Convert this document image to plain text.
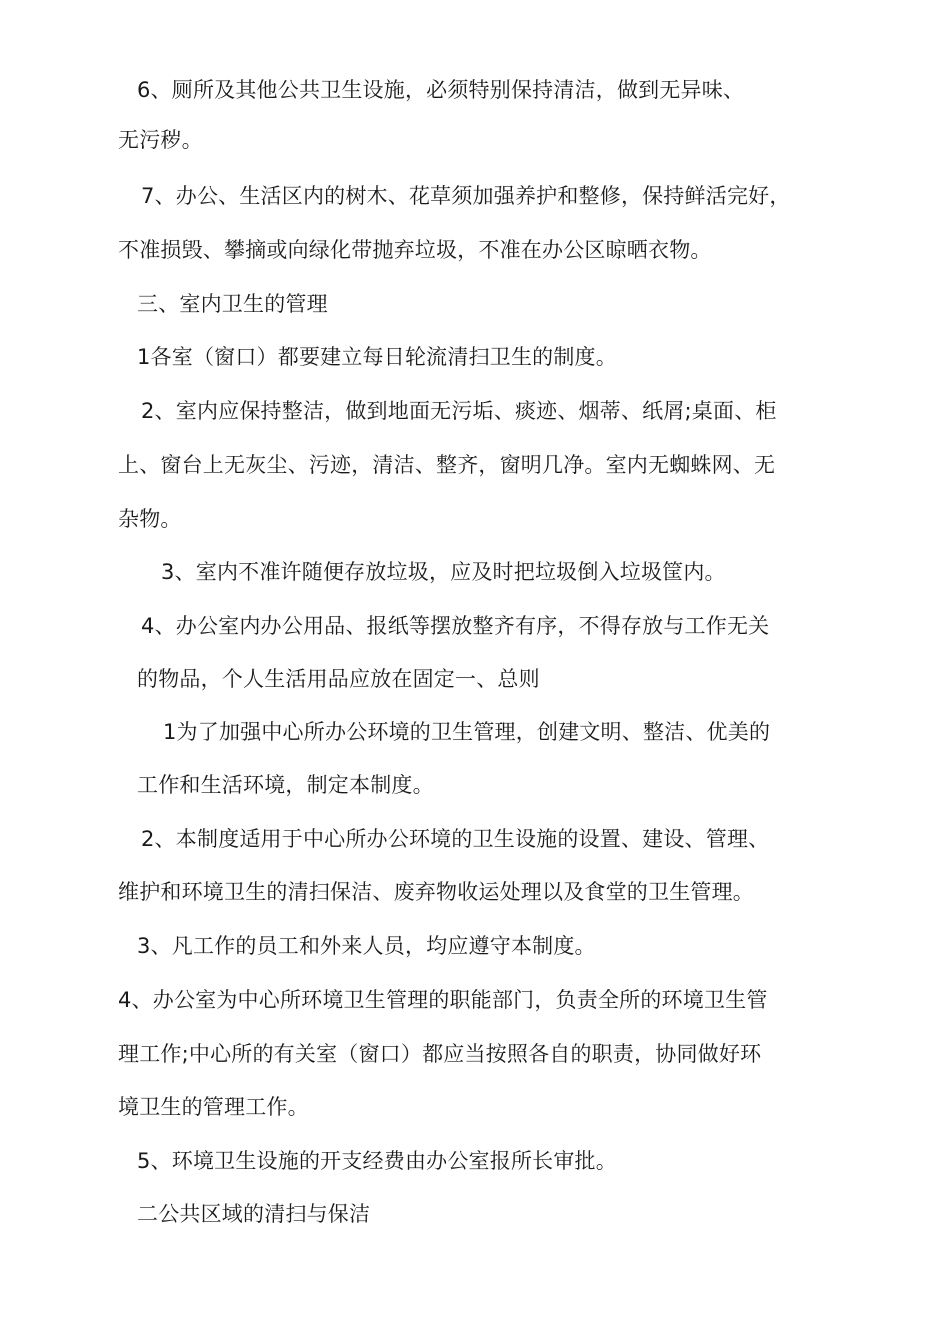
6、厕所及其他公共卫生设施，必须特别保持清洁，做到无异味、
无污秽。
7、办公、生活区内的树木、花草须加强养护和整修，保持鲜活完好，
不准损毁、攀摘或向绿化带抛弃垃圾，不准在办公区晾晒衣物。
三、室内卫生的管理
1各室（窗口）都要建立每日轮流清扫卫生的制度。
2、室内应保持整洁，做到地面无污垢、痰迹、烟蒂、纸屑;桌面、柜
上、窗台上无灰尘、污迹，清洁、整齐，窗明几净。室内无蜘蛛网、无
杂物。
3、室内不准许随便存放垃圾，应及时把垃圾倒入垃圾筐内。
4、办公室内办公用品、报纸等摆放整齐有序，不得存放与工作无关
的物品，个人生活用品应放在固定一、总则
1为了加强中心所办公环境的卫生管理，创建文明、整洁、优美的
工作和生活环境，制定本制度。
2、本制度适用于中心所办公环境的卫生设施的设置、建设、管理、
维护和环境卫生的清扫保洁、废弃物收运处理以及食堂的卫生管理。
3、凡工作的员工和外来人员，均应遵守本制度。
4、办公室为中心所环境卫生管理的职能部门，负责全所的环境卫生管
理工作;中心所的有关室（窗口）都应当按照各自的职责，协同做好环
境卫生的管理工作。
5、环境卫生设施的开支经费由办公室报所长审批。
二公共区域的清扫与保洁
